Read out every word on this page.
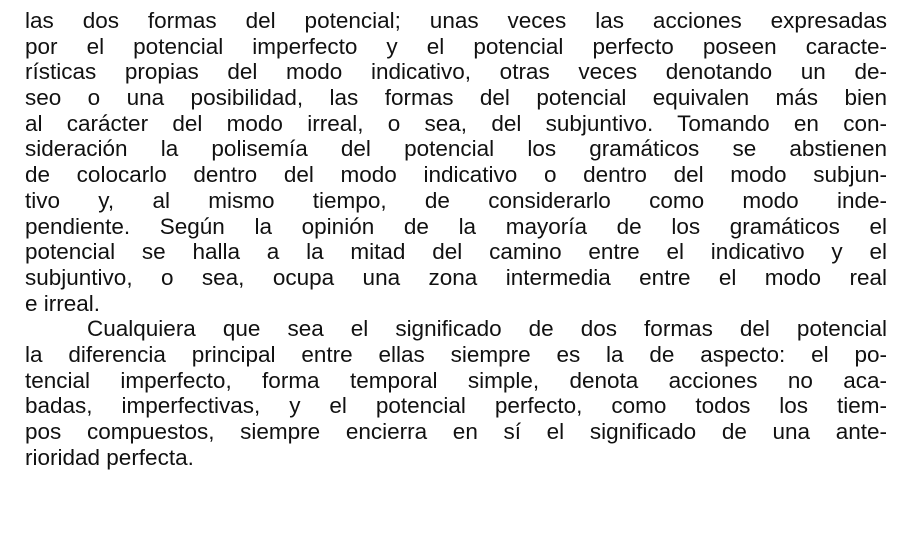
las dos formas del potencial; unas veces las acciones expresadas
por el potencial imperfecto y el potencial perfecto poseen caracte-
rísticas propias del modo indicativo, otras veces denotando un de-
seo o una posibilidad, las formas del potencial equivalen más bien
al carácter del modo irreal, o sea, del subjuntivo. Tomando en con-
sideración la polisemía del potencial los gramáticos se abstienen
de colocarlo dentro del modo indicativo o dentro del modo subjun-
tivo y, al mismo tiempo, de considerarlo como modo inde-
pendiente. Según la opinión de la mayoría de los gramáticos el
potencial se halla a la mitad del camino entre el indicativo y el
subjuntivo, o sea, ocupa una zona intermedia entre el modo real
e irreal.
Cualquiera que sea el significado de dos formas del potencial
la diferencia principal entre ellas siempre es la de aspecto: el po-
tencial imperfecto, forma temporal simple, denota acciones no aca-
badas, imperfectivas, y el potencial perfecto, como todos los tiem-
pos compuestos, siempre encierra en sí el significado de una ante-
rioridad perfecta.
